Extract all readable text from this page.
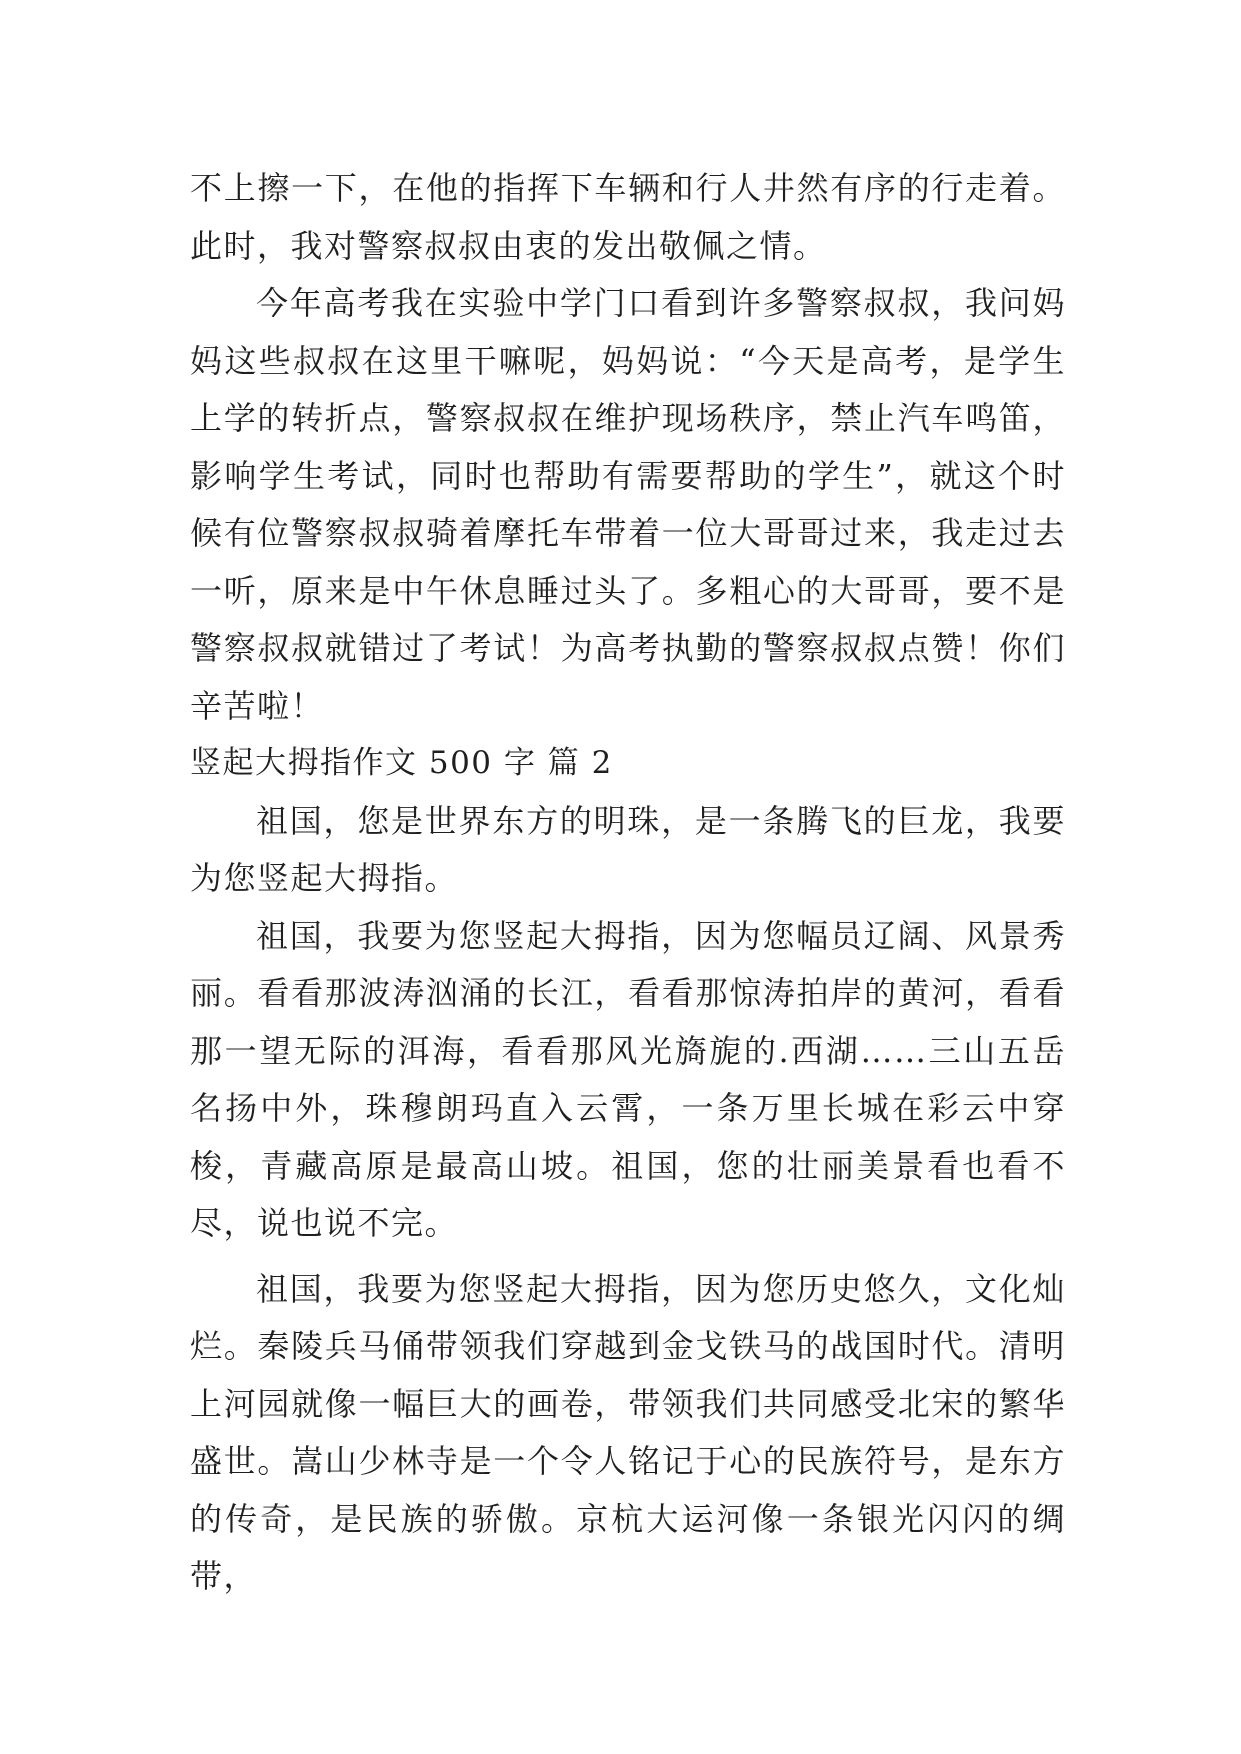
不上擦一下，在他的指挥下车辆和行人井然有序的行走着。此时，我对警察叔叔由衷的发出敬佩之情。

今年高考我在实验中学门口看到许多警察叔叔，我问妈妈这些叔叔在这里干嘛呢，妈妈说：“今天是高考，是学生上学的转折点，警察叔叔在维护现场秩序，禁止汽车鸣笛，影响学生考试，同时也帮助有需要帮助的学生”，就这个时候有位警察叔叔骑着摩托车带着一位大哥哥过来，我走过去一听，原来是中午休息睡过头了。多粗心的大哥哥，要不是警察叔叔就错过了考试！为高考执勤的警察叔叔点赞！你们辛苦啦！

竖起大拇指作文 500 字 篇 2

祖国，您是世界东方的明珠，是一条腾飞的巨龙，我要为您竖起大拇指。

祖国，我要为您竖起大拇指，因为您幅员辽阔、风景秀丽。看看那波涛汹涌的长江，看看那惊涛拍岸的黄河，看看那一望无际的洱海，看看那风光旖旎的.西湖……三山五岳名扬中外，珠穆朗玛直入云霄，一条万里长城在彩云中穿梭，青藏高原是最高山坡。祖国，您的壮丽美景看也看不尽，说也说不完。

祖国，我要为您竖起大拇指，因为您历史悠久，文化灿烂。秦陵兵马俑带领我们穿越到金戈铁马的战国时代。清明上河园就像一幅巨大的画卷，带领我们共同感受北宋的繁华盛世。嵩山少林寺是一个令人铭记于心的民族符号，是东方的传奇，是民族的骄傲。京杭大运河像一条银光闪闪的绸带，
